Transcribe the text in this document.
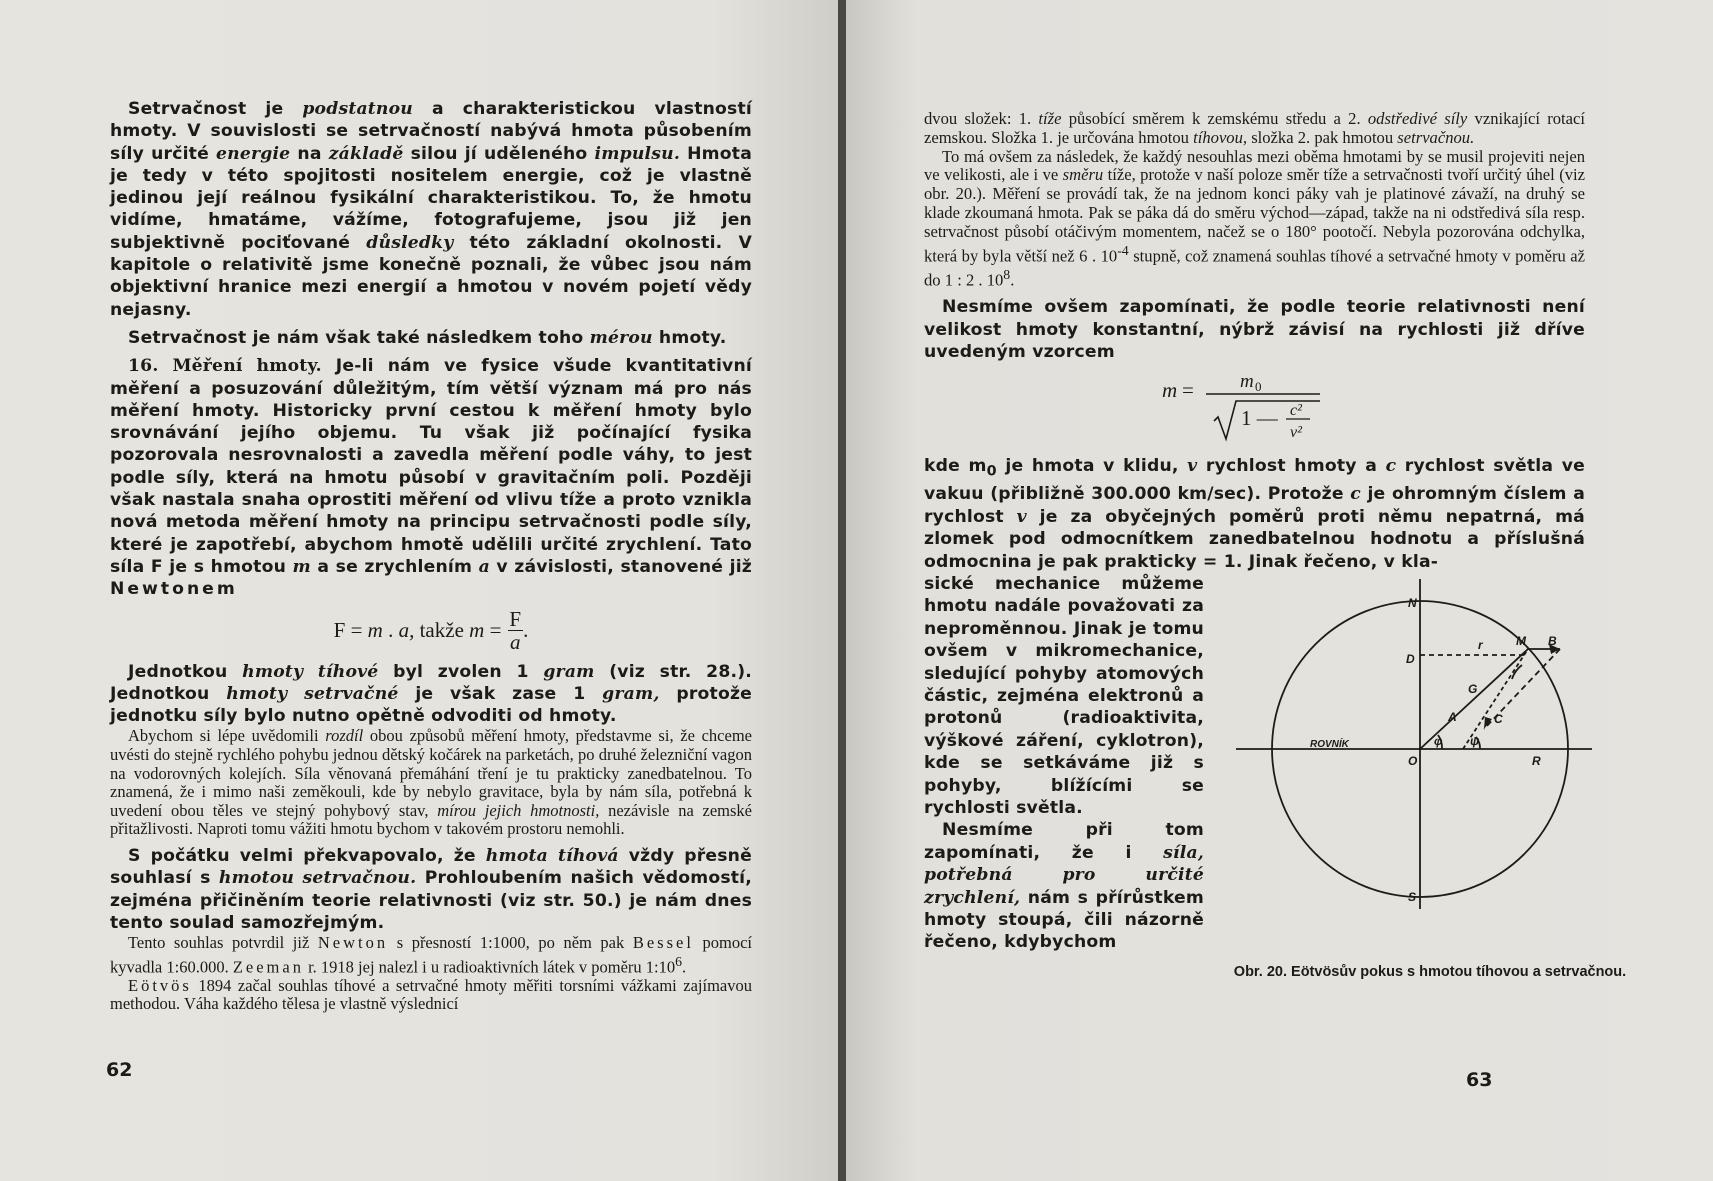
Setrvačnost je podstatnou a charakteristickou vlastností hmoty. V souvislosti se setrvačností nabývá hmota působením síly určité energie na základě silou jí uděleného impulsu. Hmota je tedy v této spojitosti nositelem energie, což je vlastně jedinou její reálnou fysikální charakteristikou. To, že hmotu vidíme, hmatáme, vážíme, fotografujeme, jsou již jen subjektivně pociťované důsledky této základní okolnosti. V kapitole o relativitě jsme konečně poznali, že vůbec jsou nám objektivní hranice mezi energií a hmotou v novém pojetí vědy nejasny.

Setrvačnost je nám však také následkem toho mérou hmoty.

16. Měření hmoty. Je-li nám ve fysice všude kvantitativní měření a posuzování důležitým, tím větší význam má pro nás měření hmoty. Historicky první cestou k měření hmoty bylo srovnávání jejího objemu. Tu však již počínající fysika pozorovala nesrovnalosti a zavedla měření podle váhy, to jest podle síly, která na hmotu působí v gravitačním poli. Později však nastala snaha oprostiti měření od vlivu tíže a proto vznikla nová metoda měření hmoty na principu setrvačnosti podle síly, které je zapotřebí, abychom hmotě udělili určité zrychlení. Tato síla F je s hmotou m a se zrychlením a v závislosti, stanovené již Newtonem

F = m . a, takže $m = \frac{F}{a}$ .

Jednotkou hmoty tíhové byl zvolen 1 gram (viz str. 28.). Jednotkou hmoty setrvačné je však zase 1 gram, protože jednotku síly bylo nutno opětně odvoditi od hmoty.

Abychom si lépe uvědomili rozdíl obou způsobů měření hmoty, představme si, že chceme uvésti do stejně rychlého pohybu jednou dětský kočárek na parketách, po druhé železniční vagon na vodorovných kolejích. Síla věnovaná přemáhání tření je tu prakticky zanedbatelnou. To znamená, že i mimo naši zeměkouli, kde by nebylo gravitace, byla by nám síla, potřebná k uvedení obou těles ve stejný pohybový stav, mírou jejich hmotnosti, nezávisle na zemské přitažlivosti. Naproti tomu vážiti hmotu bychom v takovém prostoru nemohli.

S počátku velmi překvapovalo, že hmota tíhová vždy přesně souhlasí s hmotou setrvačnou. Prohloubením našich vědomostí, zejména přičiněním teorie relativnosti (viz str. 50.) je nám dnes tento soulad samozřejmým.

Tento souhlas potvrdil již Newton s přesností 1:1000, po něm pak Bessel pomocí kyvadla 1:60.000. Zeeman r. 1918 jej nalezl i u radioaktivních látek v poměru $1:10^6$.

Eötvös 1894 začal souhlas tíhové a setrvačné hmoty měřiti torsními vážkami zajímavou methodou. Váha každého tělesa je vlastně výslednicí

62

dvou složek: 1. tíže působící směrem k zemskému středu a 2. odstředivé síly vznikající rotací zemskou. Složka 1. je určována hmotou tíhovou, složka 2. pak hmotou setrvačnou.

To má ovšem za následek, že každý nesouhlas mezi oběma hmotami by se musil projeviti nejen ve velikosti, ale i ve směru tíže, protože v naší poloze směr tíže a setrvačnosti tvoří určitý úhel (viz obr. 20.). Měření se provádí tak, že na jednom konci páky vah je platinové závaží, na druhý se klade zkoumaná hmota. Pak se páka dá do směru východ—západ, takže na ni odstředivá síla resp. setrvačnost působí otáčivým momentem, načež se o 180° pootočí. Nebyla pozorována odchylka, která by byla větší než 6 . $10^{-4}$ stupně, což znamená souhlas tíhové a setrvačné hmoty v poměru až do 1 : 2 . $10^8$.

Nesmíme ovšem zapomínati, že podle teorie relativnosti není velikost hmoty konstantní, nýbrž závisí na rychlosti již dříve uvedeným vzorcem

m = m 0
1 — c²
v²

kde $m_0$ je hmota v klidu, v rychlost hmoty a c rychlost světla ve vakuu (přibližně 300.000 km/sec). Protože c je ohromným číslem a rychlost v je za obyčejných poměrů proti němu nepatrná, má zlomek pod odmocnítkem zanedbatelnou hodnotu a příslušná odmocnina je pak prakticky = 1. Jinak řečeno, v kla-

sické mechanice můžeme hmotu nadále považovati za neproměnnou. Jinak je tomu ovšem v mikromechanice, sledující pohyby atomových částic, zejména elektronů a protonů (radioaktivita, výškové záření, cyklotron), kde se setkáváme již s pohyby, blížícími se rychlosti světla.

Nesmíme při tom zapomínati, že i síla, potřebná pro určité zrychlení, nám s přírůstkem hmoty stoupá, čili názorně řečeno, kdybychom

N
S
O	R
D
M B
G
A	C
r
ROVNÍK	φ ψ
Obr. 20. Eötvösův pokus s hmotou tíhovou a setrvačnou.
63
